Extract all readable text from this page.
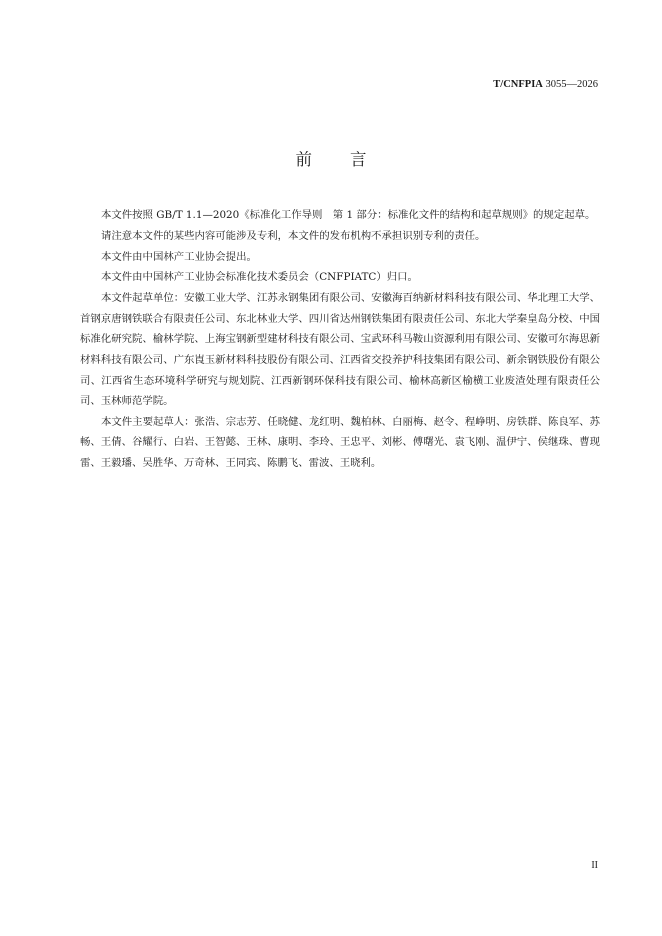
T/CNFPIA 3055—2026
前 言

本文件按照 GB/T 1.1—2020《标准化工作导则　第 1 部分：标准化文件的结构和起草规则》的规定起草。

请注意本文件的某些内容可能涉及专利，本文件的发布机构不承担识别专利的责任。

本文件由中国林产工业协会提出。

本文件由中国林产工业协会标准化技术委员会（CNFPIATC）归口。

本文件起草单位：安徽工业大学、江苏永钢集团有限公司、安徽海百纳新材料科技有限公司、华北理工大学、首钢京唐钢铁联合有限责任公司、东北林业大学、四川省达州钢铁集团有限责任公司、东北大学秦皇岛分校、中国标准化研究院、榆林学院、上海宝钢新型建材科技有限公司、宝武环科马鞍山资源利用有限公司、安徽可尔海思新材料科技有限公司、广东崀玉新材料科技股份有限公司、江西省交投养护科技集团有限公司、新余钢铁股份有限公司、江西省生态环境科学研究与规划院、江西新钢环保科技有限公司、榆林高新区榆横工业废渣处理有限责任公司、玉林师范学院。

本文件主要起草人：张浩、宗志芳、任晓健、龙红明、魏柏林、白丽梅、赵令、程峥明、房铁群、陈良军、苏畅、王倩、谷耀行、白岩、王智懿、王林、康明、李玲、王忠平、刘彬、傅曙光、袁飞刚、温伊宁、侯继珠、曹现雷、王毅璠、吴胜华、万奇林、王同宾、陈鹏飞、雷波、王晓利。

II
